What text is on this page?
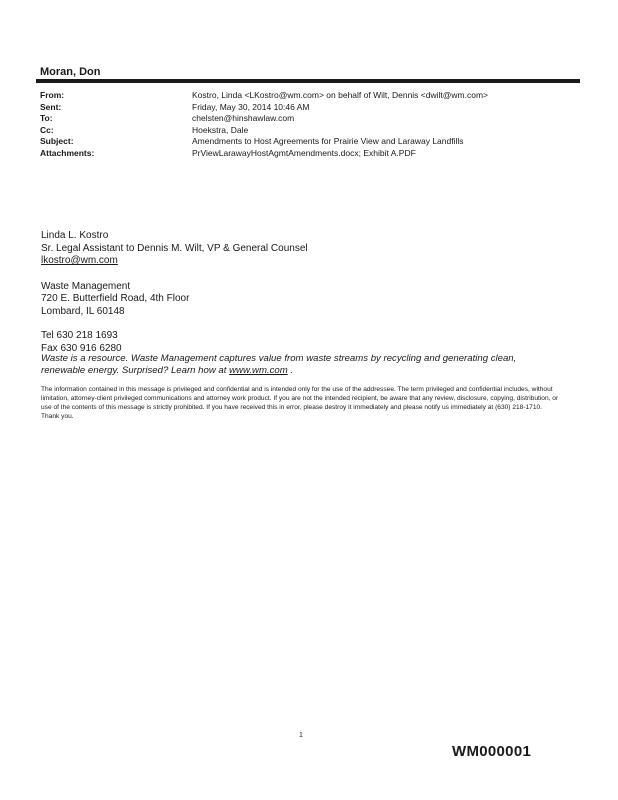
Moran, Don
From:	Kostro, Linda <LKostro@wm.com> on behalf of Wilt, Dennis <dwilt@wm.com>
Sent:	Friday, May 30, 2014 10:46 AM
To:	chelsten@hinshawlaw.com
Cc:	Hoekstra, Dale
Subject:	Amendments to Host Agreements for Prairie View and Laraway Landfills
Attachments:	PrViewLarawayHostAgmtAmendments.docx; Exhibit A.PDF
Linda L. Kostro
Sr. Legal Assistant to Dennis M. Wilt, VP & General Counsel
lkostro@wm.com
Waste Management
720 E. Butterfield Road, 4th Floor
Lombard, IL 60148
Tel 630 218 1693
Fax 630 916 6280
Waste is a resource. Waste Management captures value from waste streams by recycling and generating clean, renewable energy. Surprised? Learn how at www.wm.com .
The information contained in this message is privileged and confidential and is intended only for the use of the addressee. The term privileged and confidential includes, without limitation, attorney-client privileged communications and attorney work product. If you are not the intended recipient, be aware that any review, disclosure, copying, distribution, or use of the contents of this message is strictly prohibited. If you have received this in error, please destroy it immediately and please notify us immediately at (630) 218-1710. Thank you.
1
WM000001
